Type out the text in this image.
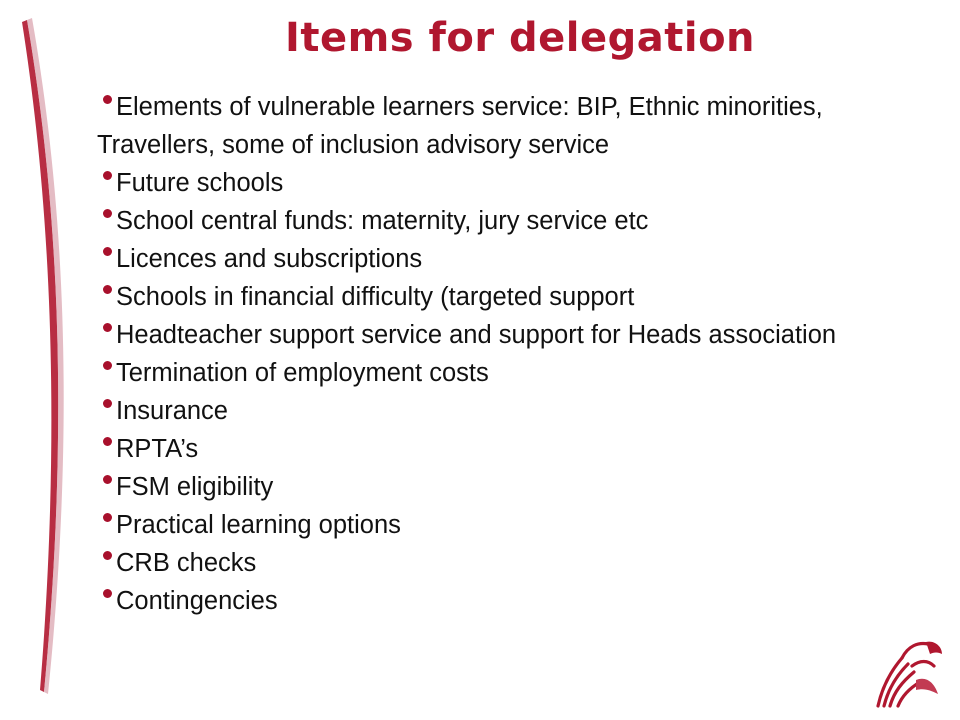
Items for delegation
Elements of vulnerable learners service: BIP, Ethnic minorities, Travellers, some of inclusion advisory service
Future schools
School central funds: maternity, jury service etc
Licences and subscriptions
Schools in financial difficulty (targeted support
Headteacher support service and support for Heads association
Termination of employment costs
Insurance
RPTA’s
FSM eligibility
Practical learning options
CRB checks
Contingencies
